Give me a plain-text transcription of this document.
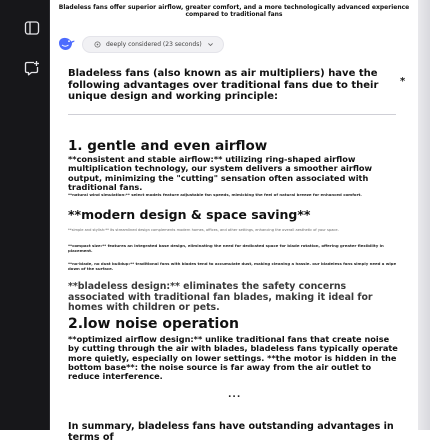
Bladeless fans offer superior airflow, greater comfort, and a more technologically advanced experience compared to traditional fans
deeply considered (23 seconds)
Bladeless fans (also known as air multipliers) have the following advantages over traditional fans due to their unique design and working principle:
*
1. gentle and even airflow
**consistent and stable airflow:** utilizing ring-shaped airflow multiplication technology, our system delivers a smoother airflow output, minimizing the "cutting" sensation often associated with traditional fans.
**natural wind simulation:** select models feature adjustable fan speeds, mimicking the feel of natural breeze for enhanced comfort.
**modern design & space saving**
**simple and stylish:** its streamlined design complements modern homes, offices, and other settings, enhancing the overall aesthetic of your space.
**compact size:** features an integrated base design, eliminating the need for dedicated space for blade rotation, offering greater flexibility in placement.
**no-blade, no dust buildup:** traditional fans with blades tend to accumulate dust, making cleaning a hassle. our bladeless fans simply need a wipe down of the surface.
**bladeless design:** eliminates the safety concerns associated with traditional fan blades, making it ideal for homes with children or pets.
2.low noise operation
**optimized airflow design:** unlike traditional fans that create noise by cutting through the air with blades, bladeless fans typically operate more quietly, especially on lower settings. **the motor is hidden in the bottom base**: the noise source is far away from the air outlet to reduce interference.
...
In summary, bladeless fans have outstanding advantages in terms of
